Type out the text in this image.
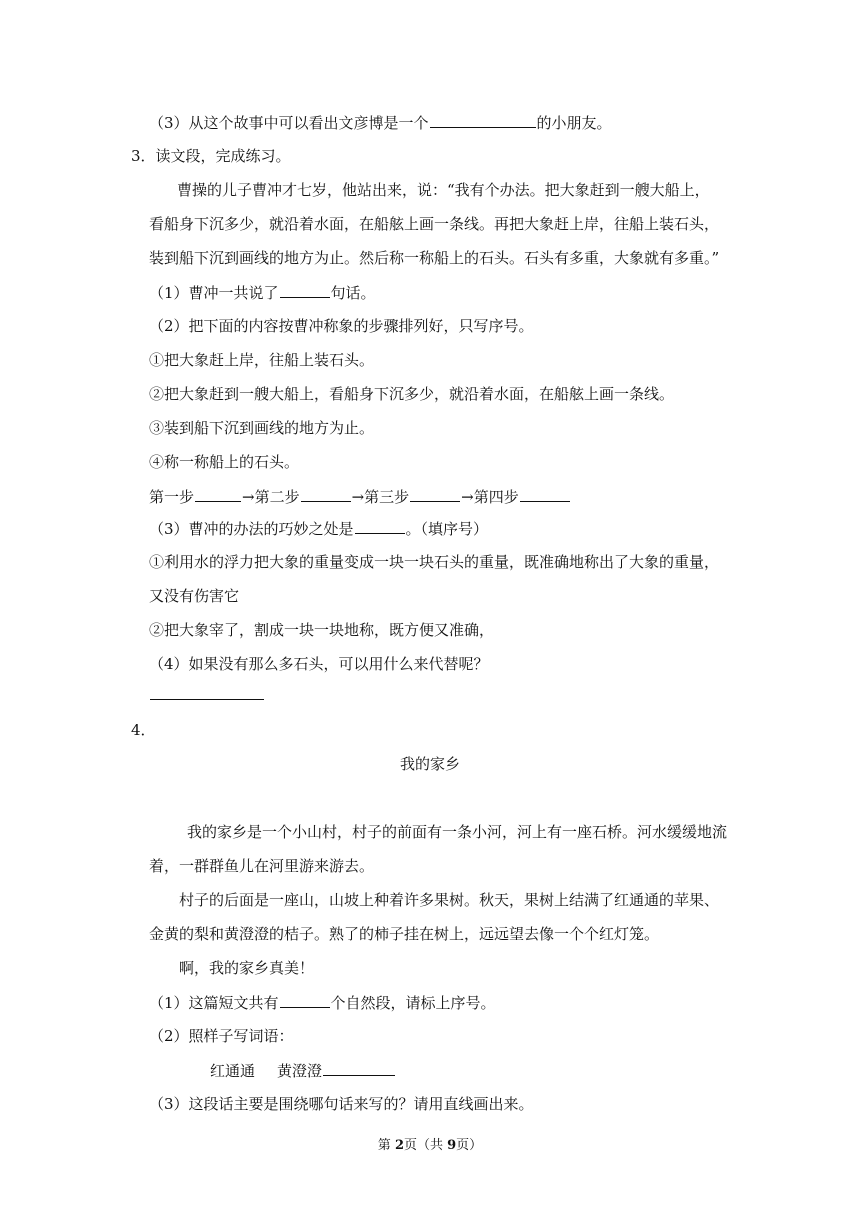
（3）从这个故事中可以看出文彦博是一个	的小朋友。
3．读文段，完成练习。
曹操的儿子曹冲才七岁，他站出来，说：“我有个办法。把大象赶到一艘大船上，
看船身下沉多少，就沿着水面，在船舷上画一条线。再把大象赶上岸，往船上装石头，
装到船下沉到画线的地方为止。然后称一称船上的石头。石头有多重，大象就有多重。”
（1）曹冲一共说了	句话。
（2）把下面的内容按曹冲称象的步骤排列好，只写序号。
①把大象赶上岸，往船上装石头。
②把大象赶到一艘大船上，看船身下沉多少，就沿着水面，在船舷上画一条线。
③装到船下沉到画线的地方为止。
④称一称船上的石头。
第一步	→第二步	→第三步	→第四步
（3）曹冲的办法的巧妙之处是	。（填序号）
①利用水的浮力把大象的重量变成一块一块石头的重量，既准确地称出了大象的重量，
又没有伤害它
②把大象宰了，割成一块一块地称，既方便又准确，
（4）如果没有那么多石头，可以用什么来代替呢？
4．
我的家乡
我的家乡是一个小山村，村子的前面有一条小河，河上有一座石桥。河水缓缓地流
着，一群群鱼儿在河里游来游去。
村子的后面是一座山，山坡上种着许多果树。秋天，果树上结满了红通通的苹果、
金黄的梨和黄澄澄的桔子。熟了的柿子挂在树上，远远望去像一个个红灯笼。
啊，我的家乡真美！
（1）这篇短文共有	个自然段，请标上序号。
（2）照样子写词语：
红通通 黄澄澄
（3）这段话主要是围绕哪句话来写的？请用直线画出来。
第 2页（共 9页）
